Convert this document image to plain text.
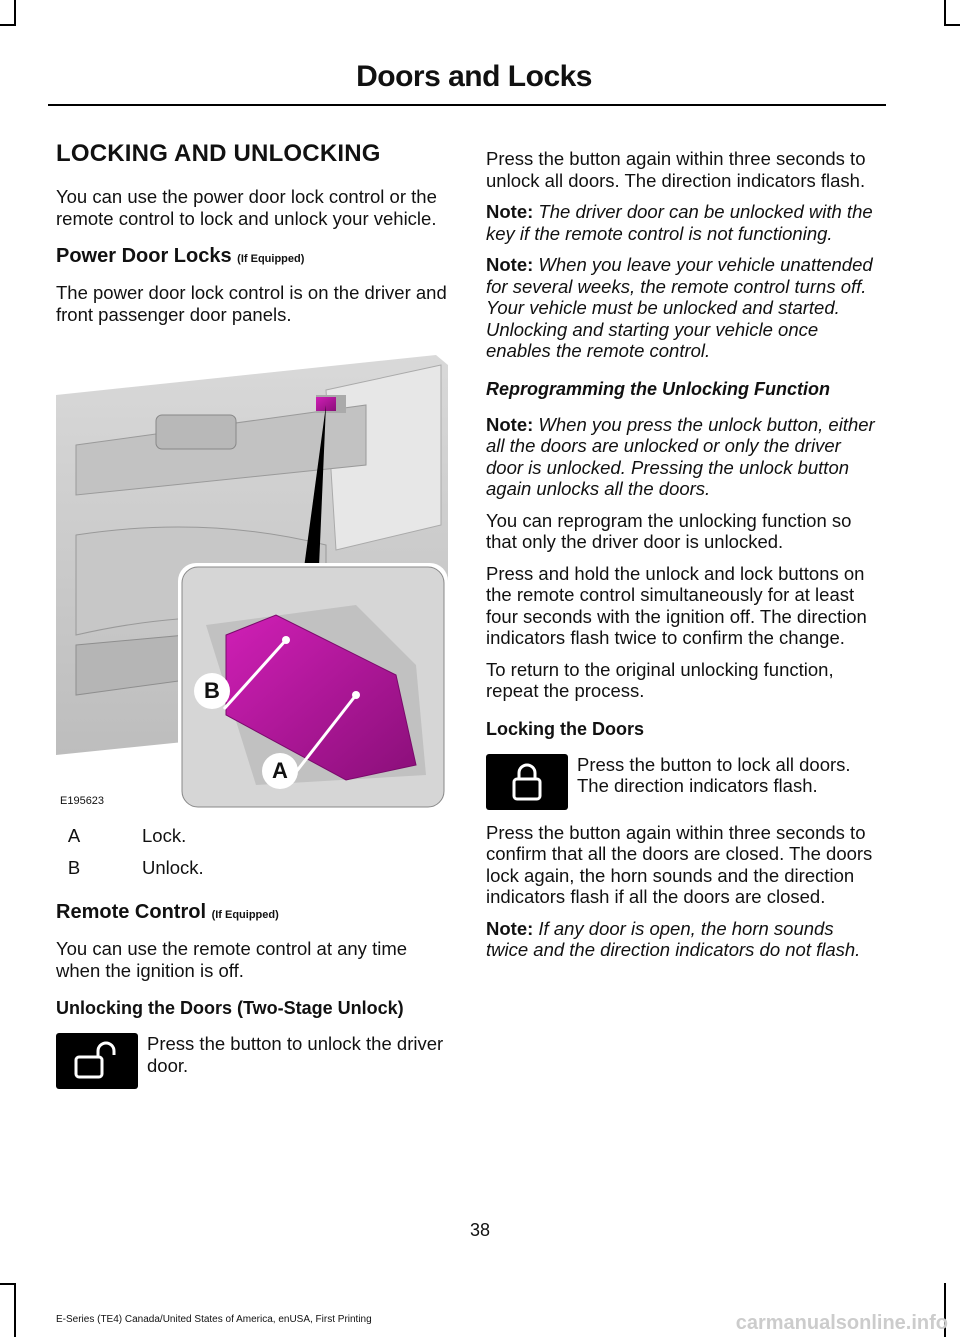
Doors and Locks
LOCKING AND UNLOCKING

You can use the power door lock control or the remote control to lock and unlock your vehicle.

Power Door Locks (If Equipped)

The power door lock control is on the driver and front passenger door panels.

B
A
E195623
A	Lock.
B	Unlock.
Remote Control (If Equipped)

You can use the remote control at any time when the ignition is off.

Unlocking the Doors (Two-Stage Unlock)
Press the button to unlock the driver door.

Press the button again within three seconds to unlock all doors. The direction indicators flash.

Note: The driver door can be unlocked with the key if the remote control is not functioning.

Note: When you leave your vehicle unattended for several weeks, the remote control turns off. Your vehicle must be unlocked and started. Unlocking and starting your vehicle once enables the remote control.

Reprogramming the Unlocking Function

Note: When you press the unlock button, either all the doors are unlocked or only the driver door is unlocked. Pressing the unlock button again unlocks all the doors.

You can reprogram the unlocking function so that only the driver door is unlocked.

Press and hold the unlock and lock buttons on the remote control simultaneously for at least four seconds with the ignition off. The direction indicators flash twice to confirm the change.

To return to the original unlocking function, repeat the process.

Locking the Doors
Press the button to lock all doors. The direction indicators flash.

Press the button again within three seconds to confirm that all the doors are closed. The doors lock again, the horn sounds and the direction indicators flash if all the doors are closed.

Note: If any door is open, the horn sounds twice and the direction indicators do not flash.

38
E-Series (TE4) Canada/United States of America, enUSA, First Printing	carmanualsonline.info
